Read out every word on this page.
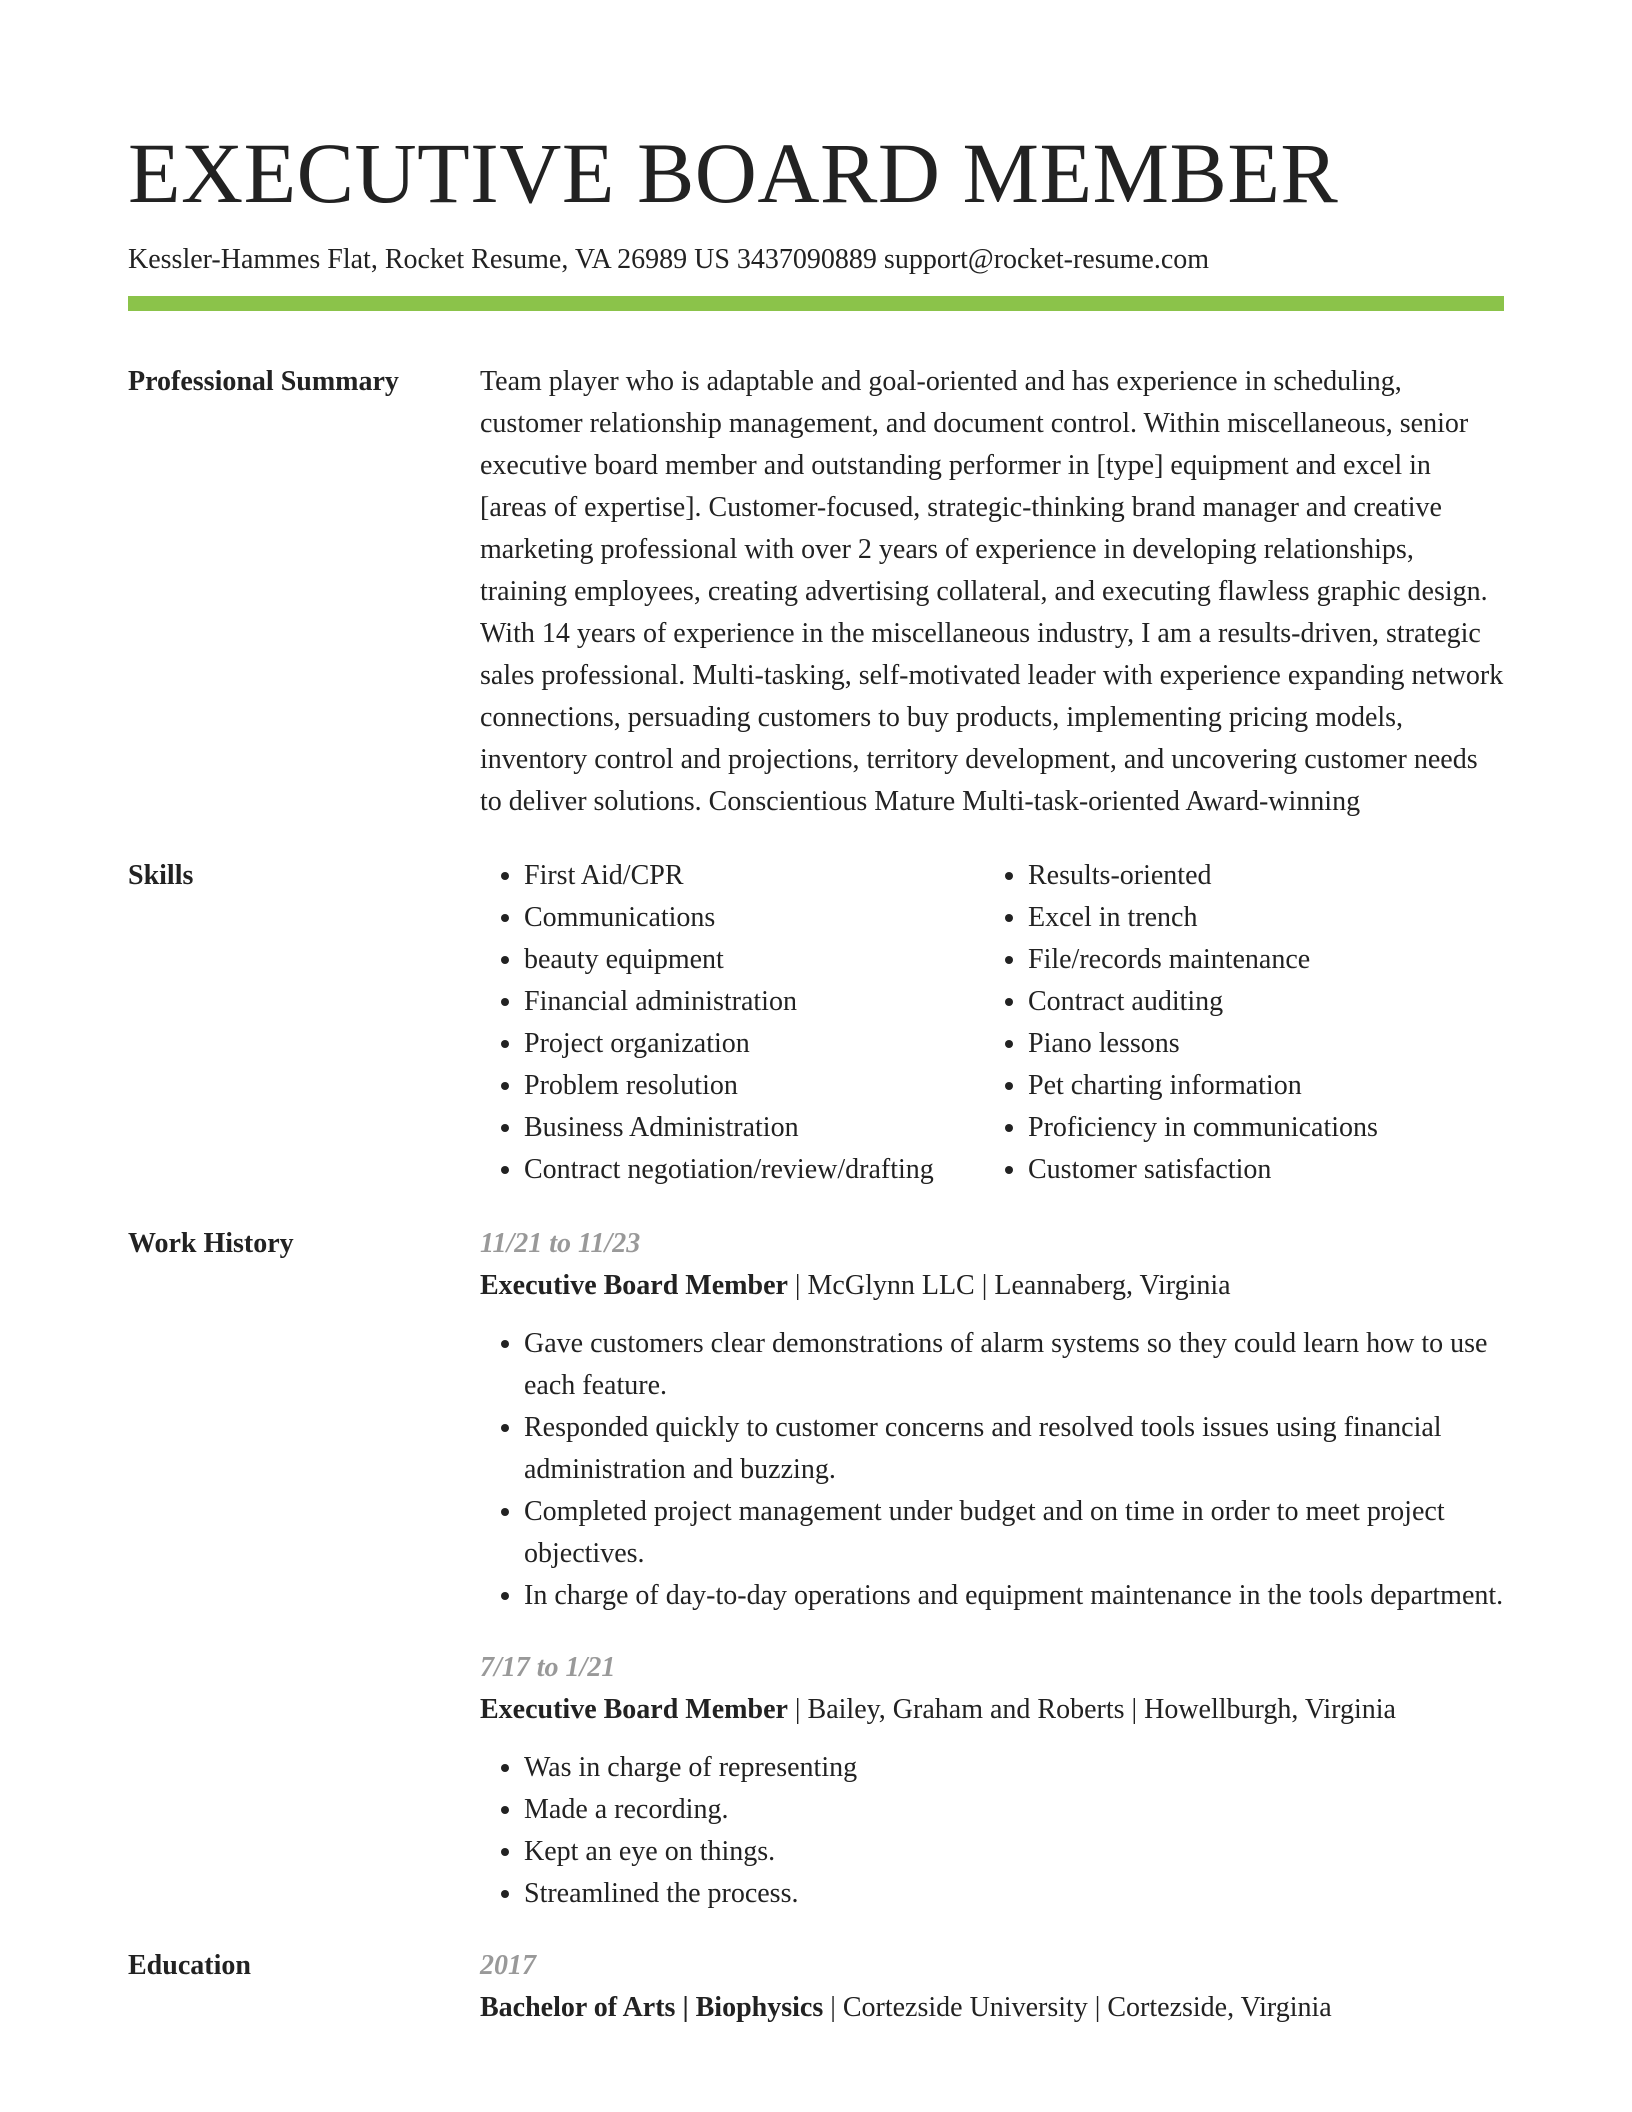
EXECUTIVE BOARD MEMBER
Kessler-Hammes Flat, Rocket Resume, VA 26989 US 3437090889 support@rocket-resume.com
Professional Summary	Team player who is adaptable and goal-oriented and has experience in scheduling, customer relationship management, and document control. Within miscellaneous, senior executive board member and outstanding performer in [type] equipment and excel in [areas of expertise]. Customer-focused, strategic-thinking brand manager and creative marketing professional with over 2 years of experience in developing relationships, training employees, creating advertising collateral, and executing flawless graphic design. With 14 years of experience in the miscellaneous industry, I am a results-driven, strategic sales professional. Multi-tasking, self-motivated leader with experience expanding network connections, persuading customers to buy products, implementing pricing models, inventory control and projections, territory development, and uncovering customer needs to deliver solutions. Conscientious Mature Multi-task-oriented Award-winning

Skills
•	First Aid/CPR
• Communications
• beauty equipment
• Financial administration
• Project organization
• Problem resolution
• Business Administration
• Contract negotiation/review/drafting
• Results-oriented
• Excel in trench
• File/records maintenance
• Contract auditing
• Piano lessons
• Pet charting information
• Proficiency in communications
• Customer satisfaction
Work History	11/21 to 11/23
Executive Board Member | McGlynn LLC | Leannaberg, Virginia
• Gave customers clear demonstrations of alarm systems so they could learn how to use each feature.
• Responded quickly to customer concerns and resolved tools issues using financial administration and buzzing.
• Completed project management under budget and on time in order to meet project objectives.
• In charge of day-to-day operations and equipment maintenance in the tools department.
7/17 to 1/21
Executive Board Member | Bailey, Graham and Roberts | Howellburgh, Virginia
• Was in charge of representing
• Made a recording.
• Kept an eye on things.
• Streamlined the process.
Education	2017
Bachelor of Arts | Biophysics | Cortezside University | Cortezside, Virginia
